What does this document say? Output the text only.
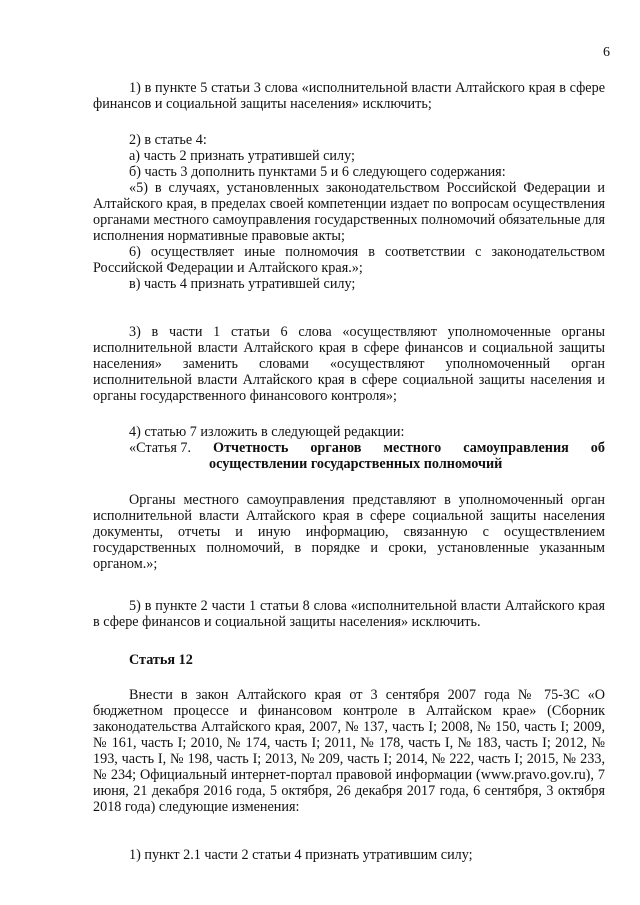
6

1) в пункте 5 статьи 3 слова «исполнительной власти Алтайского края в сфере финансов и социальной защиты населения» исключить;

2) в статье 4:

а) часть 2 признать утратившей силу;

б) часть 3 дополнить пунктами 5 и 6 следующего содержания:

«5) в случаях, установленных законодательством Российской Федерации и Алтайского края, в пределах своей компетенции издает по вопросам осуществления органами местного самоуправления государственных полномочий обязательные для исполнения нормативные правовые акты;

6) осуществляет иные полномочия в соответствии с законодательством Российской Федерации и Алтайского края.»;

в) часть 4 признать утратившей силу;

3) в части 1 статьи 6 слова «осуществляют уполномоченные органы исполнительной власти Алтайского края в сфере финансов и социальной защиты населения» заменить словами «осуществляют уполномоченный орган исполнительной власти Алтайского края в сфере социальной защиты населения и органы государственного финансового контроля»;

4) статью 7 изложить в следующей редакции:

«Статья 7. Отчетность органов местного самоуправления об

осуществлении государственных полномочий

Органы местного самоуправления представляют в уполномоченный орган исполнительной власти Алтайского края в сфере социальной защиты населения документы, отчеты и иную информацию, связанную с осуществлением государственных полномочий, в порядке и сроки, установленные указанным органом.»;

5) в пункте 2 части 1 статьи 8 слова «исполнительной власти Алтайского края в сфере финансов и социальной защиты населения» исключить.

Статья 12

Внести в закон Алтайского края от 3 сентября 2007 года № 75-ЗС «О бюджетном процессе и финансовом контроле в Алтайском крае» (Сборник законодательства Алтайского края, 2007, № 137, часть I; 2008, № 150, часть I; 2009, № 161, часть I; 2010, № 174, часть I; 2011, № 178, часть I, № 183, часть I; 2012, № 193, часть I, № 198, часть I; 2013, № 209, часть I; 2014, № 222, часть I; 2015, № 233, № 234; Официальный интернет-портал правовой информации (www.pravo.gov.ru), 7 июня, 21 декабря 2016 года, 5 октября, 26 декабря 2017 года, 6 сентября, 3 октября 2018 года) следующие изменения:

1) пункт 2.1 части 2 статьи 4 признать утратившим силу;
